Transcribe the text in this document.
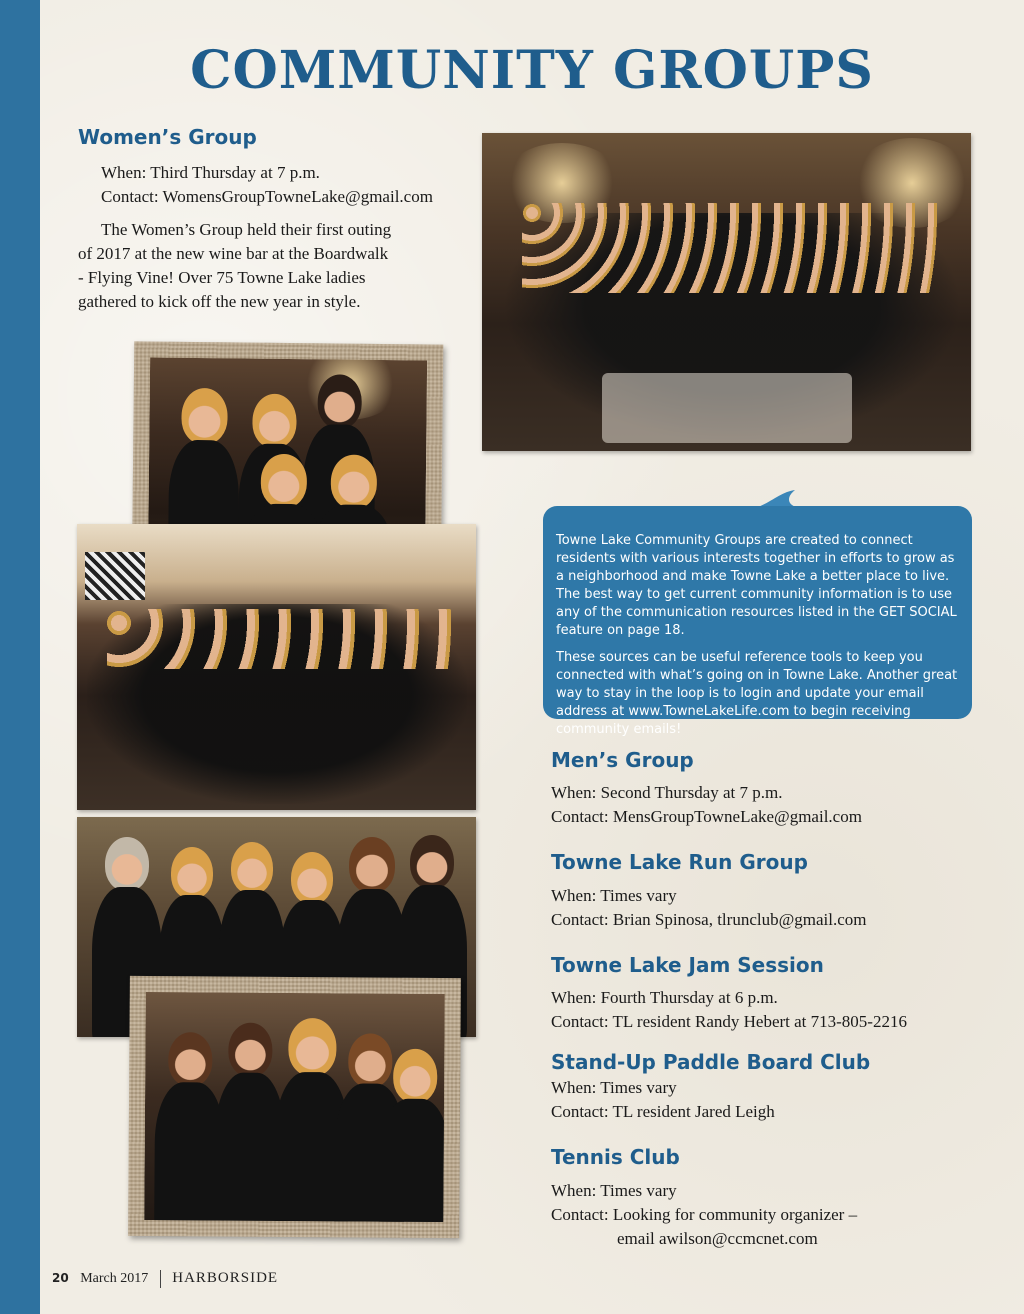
COMMUNITY GROUPS
Women’s Group
When: Third Thursday at 7 p.m.
Contact: WomensGroupTowneLake@gmail.com
The Women’s Group held their first outing
of 2017 at the new wine bar at the Boardwalk
- Flying Vine! Over 75 Towne Lake ladies
gathered to kick off the new year in style.

Towne Lake Community Groups are created to connect residents with various interests together in efforts to grow as a neighborhood and make Towne Lake a better place to live. The best way to get current community information is to use any of the communication resources listed in the GET SOCIAL feature on page 18.

These sources can be useful reference tools to keep you connected with what’s going on in Towne Lake. Another great way to stay in the loop is to login and update your email address at www.TowneLakeLife.com to begin receiving community emails!

Men’s Group
When: Second Thursday at 7 p.m.
Contact: MensGroupTowneLake@gmail.com
Towne Lake Run Group
When: Times vary
Contact: Brian Spinosa, tlrunclub@gmail.com
Towne Lake Jam Session
When: Fourth Thursday at 6 p.m.
Contact: TL resident Randy Hebert at 713-805-2216
Stand-Up Paddle Board Club
When: Times vary
Contact: TL resident Jared Leigh
Tennis Club
When: Times vary
Contact: Looking for community organizer –
email awilson@ccmcnet.com
20 March 2017 HARBORSIDE
